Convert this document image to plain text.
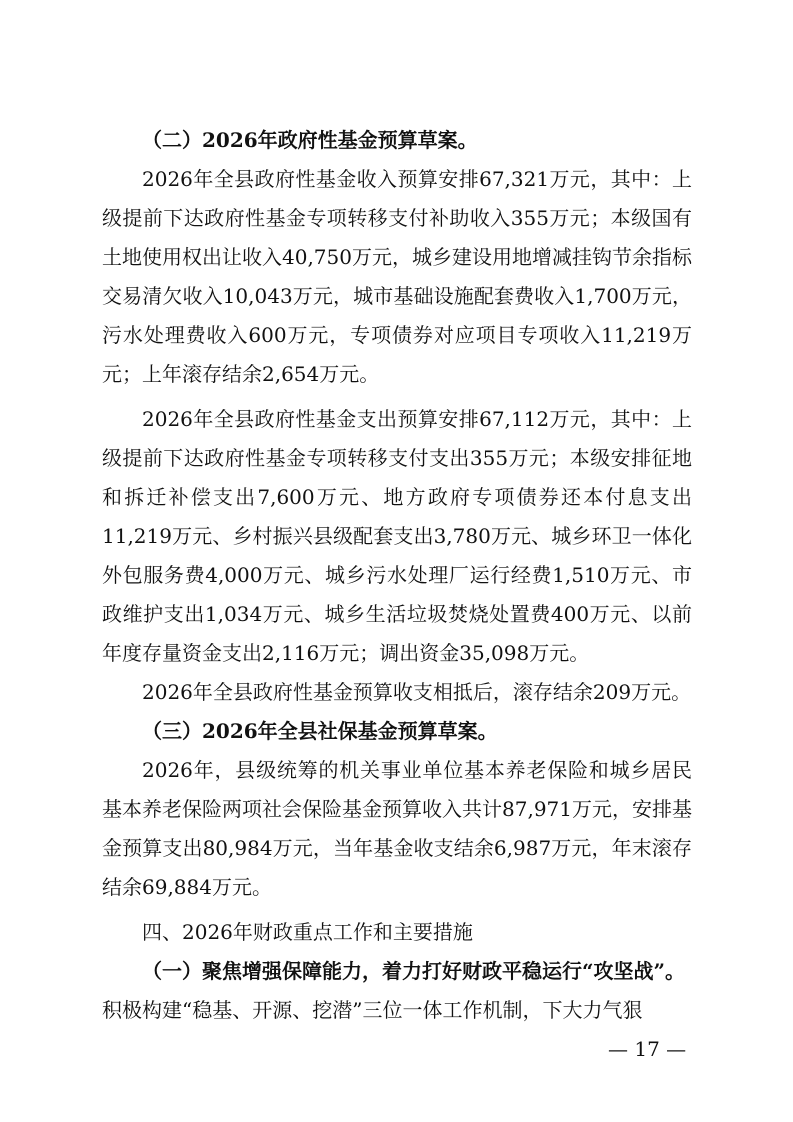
（二）2026年政府性基金预算草案。

2026年全县政府性基金收入预算安排67,321万元，其中：上级提前下达政府性基金专项转移支付补助收入355万元；本级国有土地使用权出让收入40,750万元，城乡建设用地增减挂钩节余指标交易清欠收入10,043万元，城市基础设施配套费收入1,700万元，污水处理费收入600万元，专项债券对应项目专项收入11,219万元；上年滚存结余2,654万元。

2026年全县政府性基金支出预算安排67,112万元，其中：上级提前下达政府性基金专项转移支付支出355万元；本级安排征地和拆迁补偿支出7,600万元、地方政府专项债券还本付息支出11,219万元、乡村振兴县级配套支出3,780万元、城乡环卫一体化外包服务费4,000万元、城乡污水处理厂运行经费1,510万元、市政维护支出1,034万元、城乡生活垃圾焚烧处置费400万元、以前年度存量资金支出2,116万元；调出资金35,098万元。

2026年全县政府性基金预算收支相抵后，滚存结余209万元。

（三）2026年全县社保基金预算草案。

2026年，县级统筹的机关事业单位基本养老保险和城乡居民基本养老保险两项社会保险基金预算收入共计87,971万元，安排基金预算支出80,984万元，当年基金收支结余6,987万元，年末滚存结余69,884万元。

四、2026年财政重点工作和主要措施

（一）聚焦增强保障能力，着力打好财政平稳运行“攻坚战”。

积极构建“稳基、开源、挖潜”三位一体工作机制，下大力气狠

— 17 —
